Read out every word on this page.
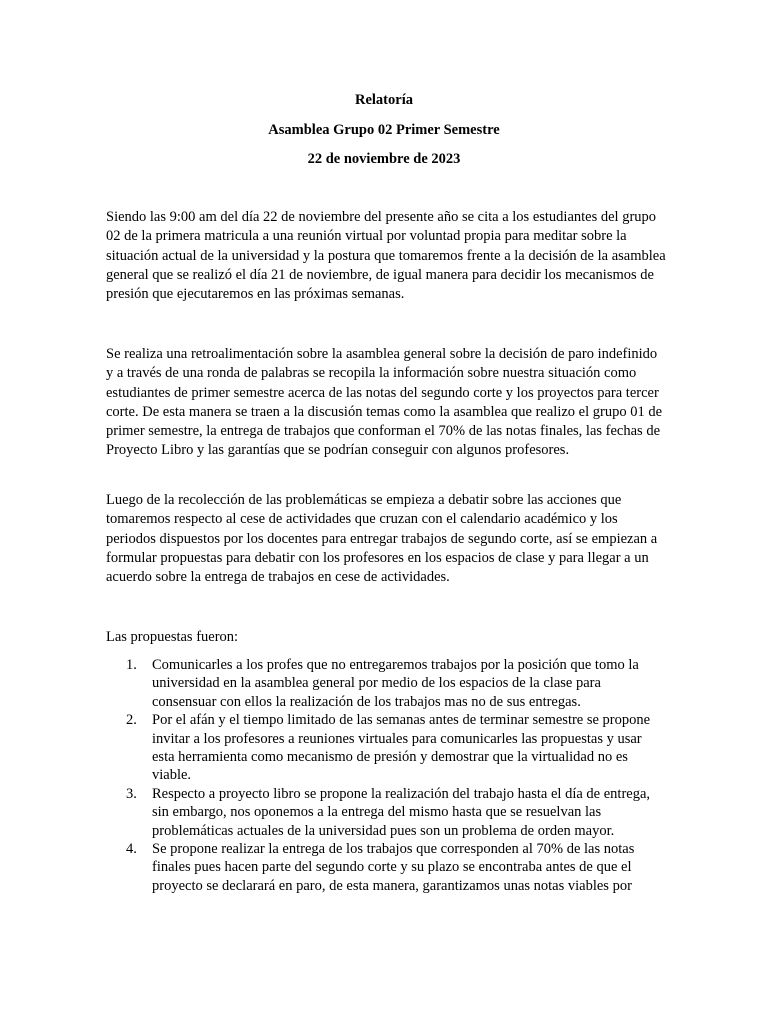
Relatoría

Asamblea Grupo 02 Primer Semestre

22 de noviembre de 2023

Siendo las 9:00 am del día 22 de noviembre del presente año se cita a los estudiantes del grupo 02 de la primera matricula a una reunión virtual por voluntad propia para meditar sobre la situación actual de la universidad y la postura que tomaremos frente a la decisión de la asamblea general que se realizó el día 21 de noviembre, de igual manera para decidir los mecanismos de presión que ejecutaremos en las próximas semanas.

Se realiza una retroalimentación sobre la asamblea general sobre la decisión de paro indefinido y a través de una ronda de palabras se recopila la información sobre nuestra situación como estudiantes de primer semestre acerca de las notas del segundo corte y los proyectos para tercer corte. De esta manera se traen a la discusión temas como la asamblea que realizo el grupo 01 de primer semestre, la entrega de trabajos que conforman el 70% de las notas finales, las fechas de Proyecto Libro y las garantías que se podrían conseguir con algunos profesores.

Luego de la recolección de las problemáticas se empieza a debatir sobre las acciones que tomaremos respecto al cese de actividades que cruzan con el calendario académico y los periodos dispuestos por los docentes para entregar trabajos de segundo corte, así se empiezan a formular propuestas para debatir con los profesores en los espacios de clase y para llegar a un acuerdo sobre la entrega de trabajos en cese de actividades.

Las propuestas fueron:

1. Comunicarles a los profes que no entregaremos trabajos por la posición que tomo la universidad en la asamblea general por medio de los espacios de la clase para consensuar con ellos la realización de los trabajos mas no de sus entregas.
2. Por el afán y el tiempo limitado de las semanas antes de terminar semestre se propone invitar a los profesores a reuniones virtuales para comunicarles las propuestas y usar esta herramienta como mecanismo de presión y demostrar que la virtualidad no es viable.
3. Respecto a proyecto libro se propone la realización del trabajo hasta el día de entrega, sin embargo, nos oponemos a la entrega del mismo hasta que se resuelvan las problemáticas actuales de la universidad pues son un problema de orden mayor.
4. Se propone realizar la entrega de los trabajos que corresponden al 70% de las notas finales pues hacen parte del segundo corte y su plazo se encontraba antes de que el proyecto se declarará en paro, de esta manera, garantizamos unas notas viables por
